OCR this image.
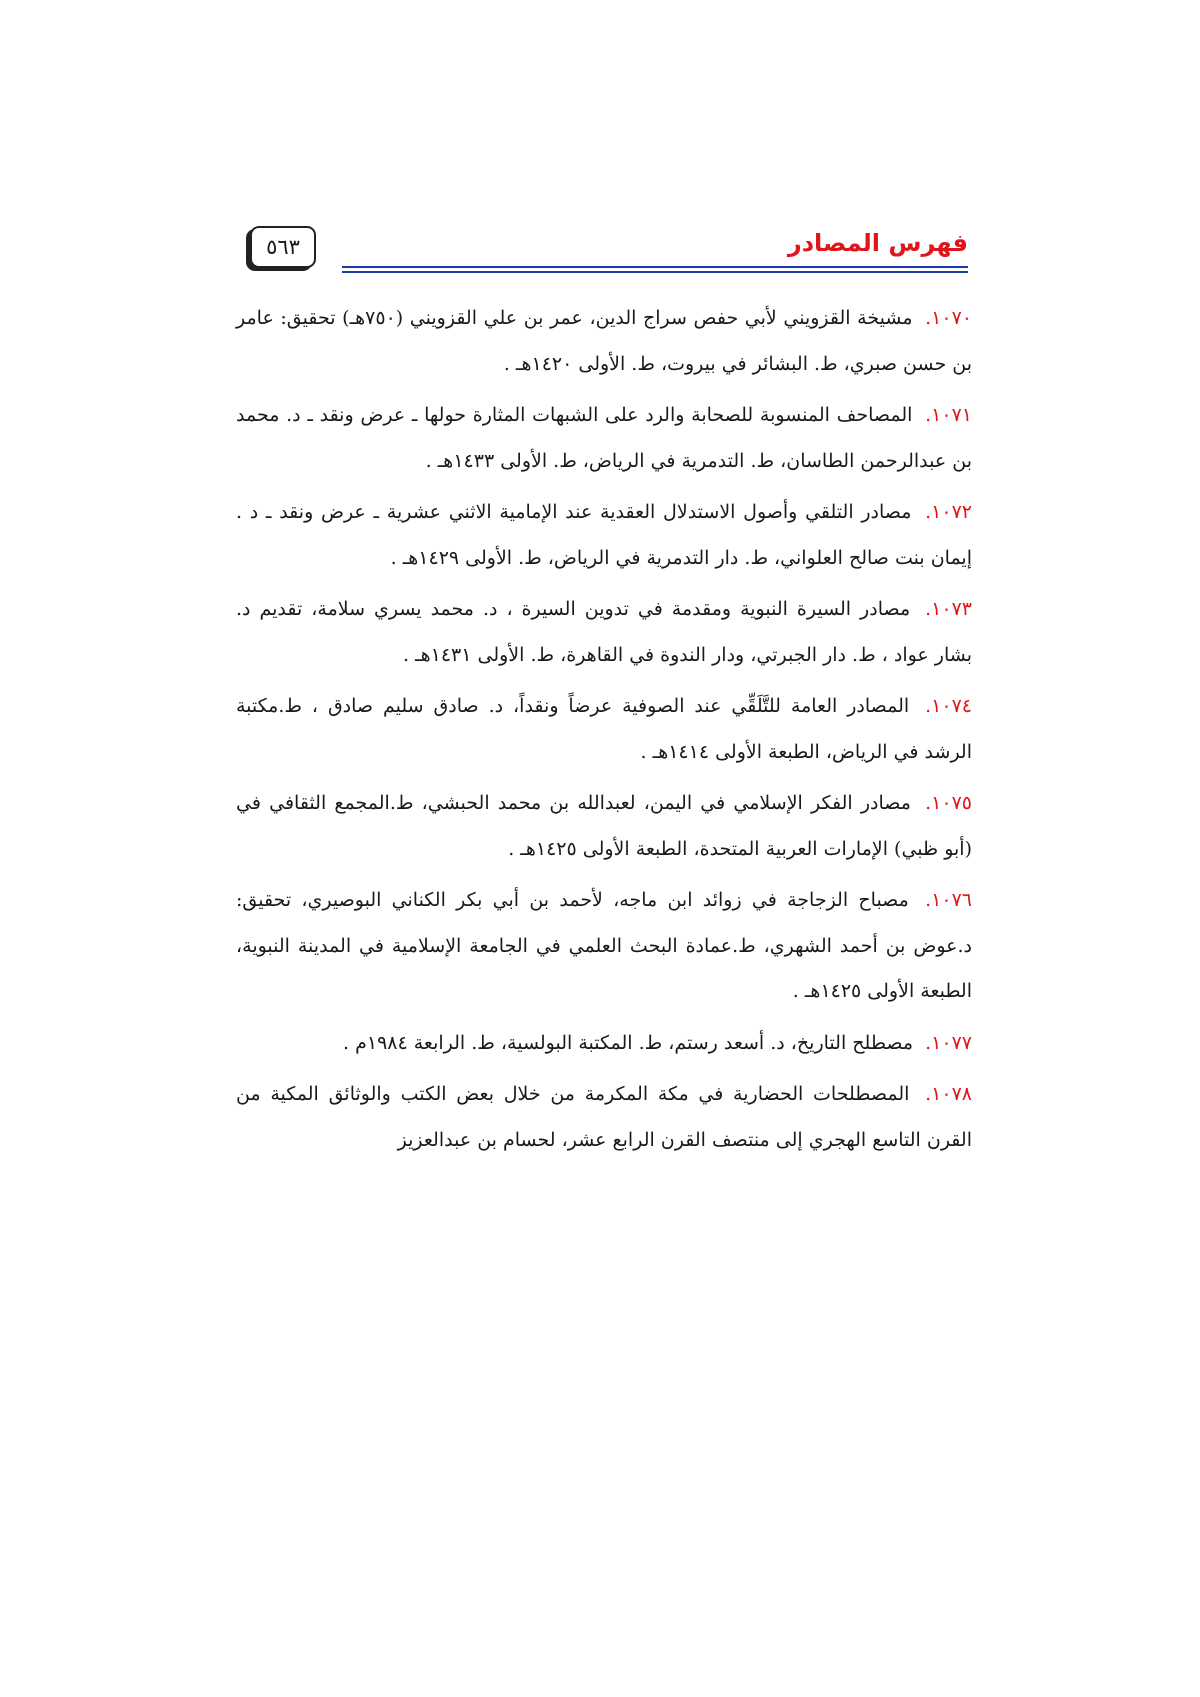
٥٦٣	فهرس المصادر

١٠٧٠. مشيخة القزويني لأبي حفص سراج الدين، عمر بن علي القزويني (٧٥٠هـ) تحقيق: عامر بن حسن صبري، ط. البشائر في بيروت، ط. الأولى ١٤٢٠هـ .

١٠٧١. المصاحف المنسوبة للصحابة والرد على الشبهات المثارة حولها ـ عرض ونقد ـ د. محمد بن عبدالرحمن الطاسان، ط. التدمرية في الرياض، ط. الأولى ١٤٣٣هـ .

١٠٧٢. مصادر التلقي وأصول الاستدلال العقدية عند الإمامية الاثني عشرية ـ عرض ونقد ـ د . إيمان بنت صالح العلواني، ط. دار التدمرية في الرياض، ط. الأولى ١٤٢٩هـ .

١٠٧٣. مصادر السيرة النبوية ومقدمة في تدوين السيرة ، د. محمد يسري سلامة، تقديم د. بشار عواد ، ط. دار الجبرتي، ودار الندوة في القاهرة، ط. الأولى ١٤٣١هـ .

١٠٧٤. المصادر العامة للتَّلَقِّي عند الصوفية عرضاً ونقداً، د. صادق سليم صادق ، ط.مكتبة الرشد في الرياض، الطبعة الأولى ١٤١٤هـ .

١٠٧٥. مصادر الفكر الإسلامي في اليمن، لعبدالله بن محمد الحبشي، ط.المجمع الثقافي في (أبو ظبي) الإمارات العربية المتحدة، الطبعة الأولى ١٤٢٥هـ .

١٠٧٦. مصباح الزجاجة في زوائد ابن ماجه، لأحمد بن أبي بكر الكناني البوصيري، تحقيق: د.عوض بن أحمد الشهري، ط.عمادة البحث العلمي في الجامعة الإسلامية في المدينة النبوية، الطبعة الأولى ١٤٢٥هـ .

١٠٧٧. مصطلح التاريخ، د. أسعد رستم، ط. المكتبة البولسية، ط. الرابعة ١٩٨٤م .

١٠٧٨. المصطلحات الحضارية في مكة المكرمة من خلال بعض الكتب والوثائق المكية من القرن التاسع الهجري إلى منتصف القرن الرابع عشر، لحسام بن عبدالعزيز
